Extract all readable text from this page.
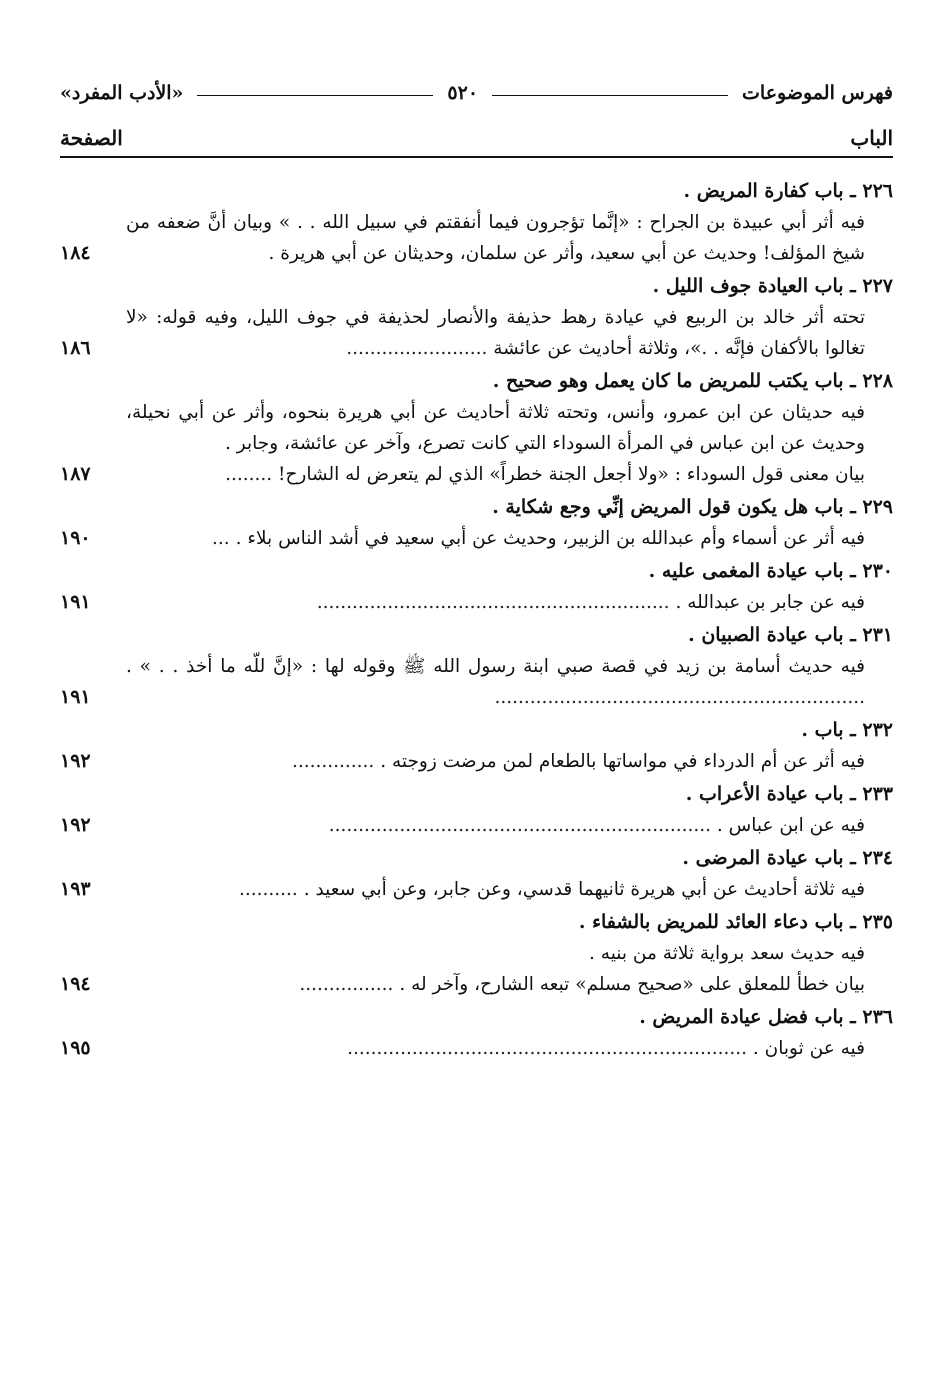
فهرس الموضوعات
٥٢٠
«الأدب المفرد»
الباب
الصفحة
٢٢٦ ـ باب كفارة المريض .
فيه أثر أبي عبيدة بن الجراح : «إنَّما تؤجرون فيما أنفقتم في سبيل الله . . » وبيان أنَّ ضعفه من شيخ المؤلف! وحديث عن أبي سعيد، وأثر عن سلمان، وحديثان عن أبي هريرة .
١٨٤
٢٢٧ ـ باب العيادة جوف الليل .
تحته أثر خالد بن الربيع في عيادة رهط حذيفة والأنصار لحذيفة في جوف الليل، وفيه قوله: «لا تغالوا بالأكفان فإنَّه . .»، وثلاثة أحاديث عن عائشة ........................
١٨٦
٢٢٨ ـ باب يكتب للمريض ما كان يعمل وهو صحيح .
فيه حديثان عن ابن عمرو، وأنس، وتحته ثلاثة أحاديث عن أبي هريرة بنحوه، وأثر عن أبي نحيلة، وحديث عن ابن عباس في المرأة السوداء التي كانت تصرع، وآخر عن عائشة، وجابر .
بيان معنى قول السوداء : «ولا أجعل الجنة خطراً» الذي لم يتعرض له الشارح! ........
١٨٧
٢٢٩ ـ باب هل يكون قول المريض إنِّي وجع شكاية .
فيه أثر عن أسماء وأم عبدالله بن الزبير، وحديث عن أبي سعيد في أشد الناس بلاء . ...
١٩٠
٢٣٠ ـ باب عيادة المغمى عليه .
فيه عن جابر بن عبدالله . ............................................................
١٩١
٢٣١ ـ باب عيادة الصبيان .
فيه حديث أسامة بن زيد في قصة صبي ابنة رسول الله ﷺ وقوله لها : «إنَّ للّه ما أخذ . . » . ...............................................................
١٩١
٢٣٢ ـ باب .
فيه أثر عن أم الدرداء في مواساتها بالطعام لمن مرضت زوجته . ..............
١٩٢
٢٣٣ ـ باب عيادة الأعراب .
فيه عن ابن عباس . .................................................................
١٩٢
٢٣٤ ـ باب عيادة المرضى .
فيه ثلاثة أحاديث عن أبي هريرة ثانيهما قدسي، وعن جابر، وعن أبي سعيد . ..........
١٩٣
٢٣٥ ـ باب دعاء العائد للمريض بالشفاء .
فيه حديث سعد برواية ثلاثة من بنيه .
بيان خطأ للمعلق على «صحيح مسلم» تبعه الشارح، وآخر له . ................
١٩٤
٢٣٦ ـ باب فضل عيادة المريض .
فيه عن ثوبان . ....................................................................
١٩٥
